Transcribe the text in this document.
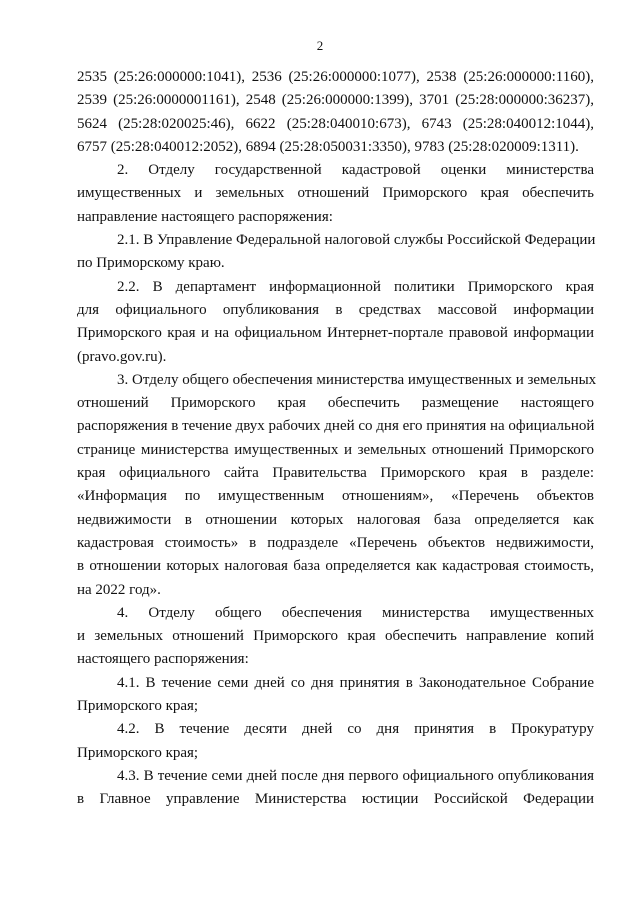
2
2535 (25:26:000000:1041), 2536 (25:26:000000:1077), 2538 (25:26:000000:1160),
2539 (25:26:0000001161), 2548 (25:26:000000:1399), 3701 (25:28:000000:36237),
5624 (25:28:020025:46), 6622 (25:28:040010:673), 6743 (25:28:040012:1044),
6757 (25:28:040012:2052), 6894 (25:28:050031:3350), 9783 (25:28:020009:1311).
2. Отделу государственной кадастровой оценки министерства
имущественных и земельных отношений Приморского края обеспечить
направление настоящего распоряжения:
2.1. В Управление Федеральной налоговой службы Российской Федерации
по Приморскому краю.
2.2. В департамент информационной политики Приморского края
для официального опубликования в средствах массовой информации
Приморского края и на официальном Интернет-портале правовой информации
(pravo.gov.ru).
3. Отделу общего обеспечения министерства имущественных и земельных
отношений Приморского края обеспечить размещение настоящего
распоряжения в течение двух рабочих дней со дня его принятия на официальной
странице министерства имущественных и земельных отношений Приморского
края официального сайта Правительства Приморского края в разделе:
«Информация по имущественным отношениям», «Перечень объектов
недвижимости в отношении которых налоговая база определяется как
кадастровая стоимость» в подразделе «Перечень объектов недвижимости,
в отношении которых налоговая база определяется как кадастровая стоимость,
на 2022 год».
4. Отделу общего обеспечения министерства имущественных
и земельных отношений Приморского края обеспечить направление копий
настоящего распоряжения:
4.1. В течение семи дней со дня принятия в Законодательное Собрание
Приморского края;
4.2. В течение десяти дней со дня принятия в Прокуратуру
Приморского края;
4.3. В течение семи дней после дня первого официального опубликования
в Главное управление Министерства юстиции Российской Федерации
